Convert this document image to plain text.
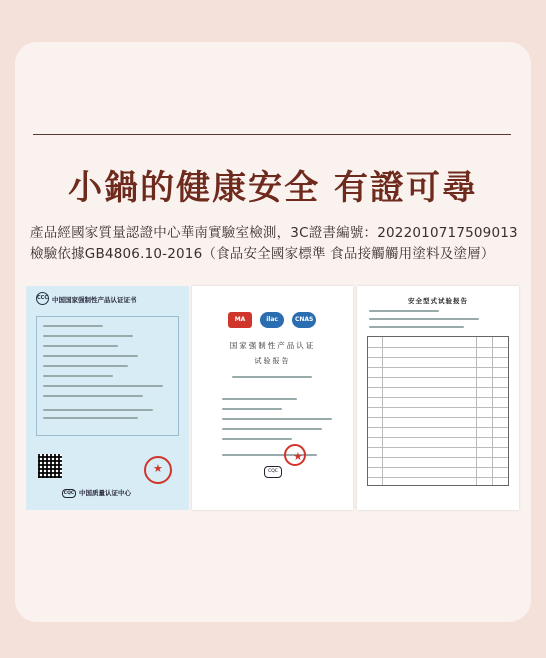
小鍋的健康安全 有證可尋
產品經國家質量認證中心華南實驗室檢測，3C證書編號：2022010717509013
檢驗依據GB4806.10-2016（食品安全國家標準 食品接觸觸用塗料及塗層）
CCC 中国国家强制性产品认证证书
★
CQC 中国质量认证中心
MA	ilac	CNAS
国家强制性产品认证
试验报告
★
CQC
安全型式试验报告
